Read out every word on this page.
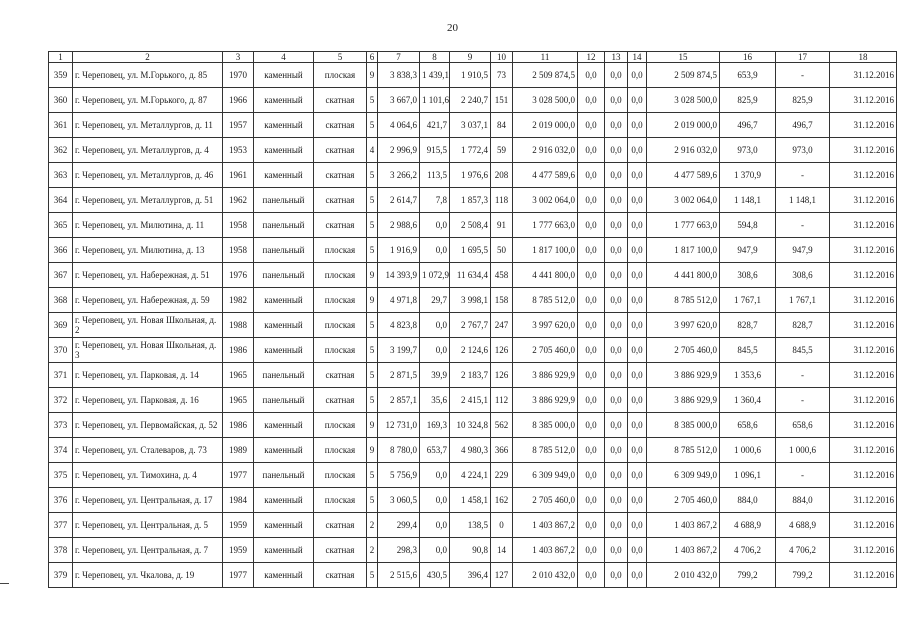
20
1	2	3	4	5	6	7	8	9	10	11	12	13	14	15	16	17	18
359	г. Череповец, ул. М.Горького, д. 85	1970	каменный	плоская	9	3 838,3	1 439,1	1 910,5	73	2 509 874,5	0,0	0,0	0,0	2 509 874,5	653,9	-	31.12.2016
360	г. Череповец, ул. М.Горького, д. 87	1966	каменный	скатная	5	3 667,0	1 101,6	2 240,7	151	3 028 500,0	0,0	0,0	0,0	3 028 500,0	825,9	825,9	31.12.2016
361	г. Череповец, ул. Металлургов, д. 11	1957	каменный	скатная	5	4 064,6	421,7	3 037,1	84	2 019 000,0	0,0	0,0	0,0	2 019 000,0	496,7	496,7	31.12.2016
362	г. Череповец, ул. Металлургов, д. 4	1953	каменный	скатная	4	2 996,9	915,5	1 772,4	59	2 916 032,0	0,0	0,0	0,0	2 916 032,0	973,0	973,0	31.12.2016
363	г. Череповец, ул. Металлургов, д. 46	1961	каменный	скатная	5	3 266,2	113,5	1 976,6	208	4 477 589,6	0,0	0,0	0,0	4 477 589,6	1 370,9	-	31.12.2016
364	г. Череповец, ул. Металлургов, д. 51	1962	панельный	скатная	5	2 614,7	7,8	1 857,3	118	3 002 064,0	0,0	0,0	0,0	3 002 064,0	1 148,1	1 148,1	31.12.2016
365	г. Череповец, ул. Милютина, д. 11	1958	панельный	скатная	5	2 988,6	0,0	2 508,4	91	1 777 663,0	0,0	0,0	0,0	1 777 663,0	594,8	-	31.12.2016
366	г. Череповец, ул. Милютина, д. 13	1958	панельный	плоская	5	1 916,9	0,0	1 695,5	50	1 817 100,0	0,0	0,0	0,0	1 817 100,0	947,9	947,9	31.12.2016
367	г. Череповец, ул. Набережная, д. 51	1976	панельный	плоская	9	14 393,9	1 072,9	11 634,4	458	4 441 800,0	0,0	0,0	0,0	4 441 800,0	308,6	308,6	31.12.2016
368	г. Череповец, ул. Набережная, д. 59	1982	каменный	плоская	9	4 971,8	29,7	3 998,1	158	8 785 512,0	0,0	0,0	0,0	8 785 512,0	1 767,1	1 767,1	31.12.2016
369	г. Череповец, ул. Новая Школьная, д. 2	1988	каменный	плоская	5	4 823,8	0,0	2 767,7	247	3 997 620,0	0,0	0,0	0,0	3 997 620,0	828,7	828,7	31.12.2016
370	г. Череповец, ул. Новая Школьная, д. 3	1986	каменный	плоская	5	3 199,7	0,0	2 124,6	126	2 705 460,0	0,0	0,0	0,0	2 705 460,0	845,5	845,5	31.12.2016
371	г. Череповец, ул. Парковая, д. 14	1965	панельный	скатная	5	2 871,5	39,9	2 183,7	126	3 886 929,9	0,0	0,0	0,0	3 886 929,9	1 353,6	-	31.12.2016
372	г. Череповец, ул. Парковая, д. 16	1965	панельный	скатная	5	2 857,1	35,6	2 415,1	112	3 886 929,9	0,0	0,0	0,0	3 886 929,9	1 360,4	-	31.12.2016
373	г. Череповец, ул. Первомайская, д. 52	1986	каменный	плоская	9	12 731,0	169,3	10 324,8	562	8 385 000,0	0,0	0,0	0,0	8 385 000,0	658,6	658,6	31.12.2016
374	г. Череповец, ул. Сталеваров, д. 73	1989	каменный	плоская	9	8 780,0	653,7	4 980,3	366	8 785 512,0	0,0	0,0	0,0	8 785 512,0	1 000,6	1 000,6	31.12.2016
375	г. Череповец, ул. Тимохина, д. 4	1977	панельный	плоская	5	5 756,9	0,0	4 224,1	229	6 309 949,0	0,0	0,0	0,0	6 309 949,0	1 096,1	-	31.12.2016
376	г. Череповец, ул. Центральная, д. 17	1984	каменный	плоская	5	3 060,5	0,0	1 458,1	162	2 705 460,0	0,0	0,0	0,0	2 705 460,0	884,0	884,0	31.12.2016
377	г. Череповец, ул. Центральная, д. 5	1959	каменный	скатная	2	299,4	0,0	138,5	0	1 403 867,2	0,0	0,0	0,0	1 403 867,2	4 688,9	4 688,9	31.12.2016
378	г. Череповец, ул. Центральная, д. 7	1959	каменный	скатная	2	298,3	0,0	90,8	14	1 403 867,2	0,0	0,0	0,0	1 403 867,2	4 706,2	4 706,2	31.12.2016
379	г. Череповец, ул. Чкалова, д. 19	1977	каменный	скатная	5	2 515,6	430,5	396,4	127	2 010 432,0	0,0	0,0	0,0	2 010 432,0	799,2	799,2	31.12.2016
